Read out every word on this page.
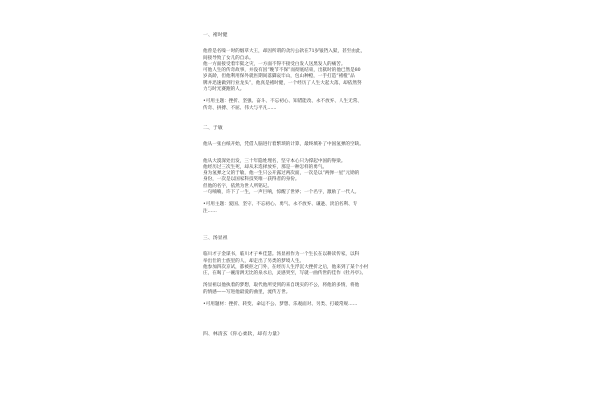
一、褚时健

他曾是名噪一时的烟草大王，却因所谓的贪污公款在71岁锒铛入狱，甚至由此，

间接导致了女儿的自杀。

他一方面接受着牢狱之灾，一方面不得不接受白发人送黑发人的痛苦。

可他人生的传奇故事，并没有因“晚节不保”而彻底结束，出狱时的他已然是80

岁高龄，但他利用保外就医期间落脚哀牢山，包山种橙，一手打造“褚橙”品

牌并迅速做到行业龙头”，他真是褚时健，一个经历了人生大起大落，却依然努

力与时光赛跑的人。

•可用主题：挫折、坚强、奋斗、不忘初心、知错能改、永不放弃、人生无常、

传奇、拼搏、不屈、伟大与平凡……

二、于敏

他从一张白纸开始，凭借人脑进行着繁琐的计算，最终填补了中国氢弹的空缺。

他从大漠深处出发，三十年隐姓埋名，坚守本心只为撑起中国的脊梁。

他经历过三次生死，却从未选择放弃，那是一种怎样的勇气。

身为氢弹之父的于敏，他一生只公开露过两次面，一次是以“两弹一星”元勋的

身份，一次是以国家科技奖唯一获得者的身份。

但他的名字，依然为世人所铭记。

一句喃喃，许下了一生，一声巨响，惊醒了世界；一个名字，激励了一代人。

•可用主题：爱国、坚守、不忘初心、勇气、永不放弃、谦逊、淡泊名利、专

注……

三、汤显祖

临川才子金谋书，临川才子乡佳慧。汤显祖作为一个生长在以耕读传家，以科

举出仕的士族里的人，却走出了另类的梦境人生。

他参加四次京试，都被拒之门外，在经历人生浮沉大挫折之后，他来到了某个小村

庄，在喝了一碗清洌无比的泉水后，灵感突至，写就一曲传世的佳作《牡丹亭》。

汤显祖以他执着的梦想，取代他所受到的来自现实的不公，将他的多情，将他

的情感——写进他最爱的曲里，流传万世。

•可用题材：挫折、转变、命运不公、梦想、乐观面对、另类、打破常规……

四、林清玄《你心柔软，却有力量》
